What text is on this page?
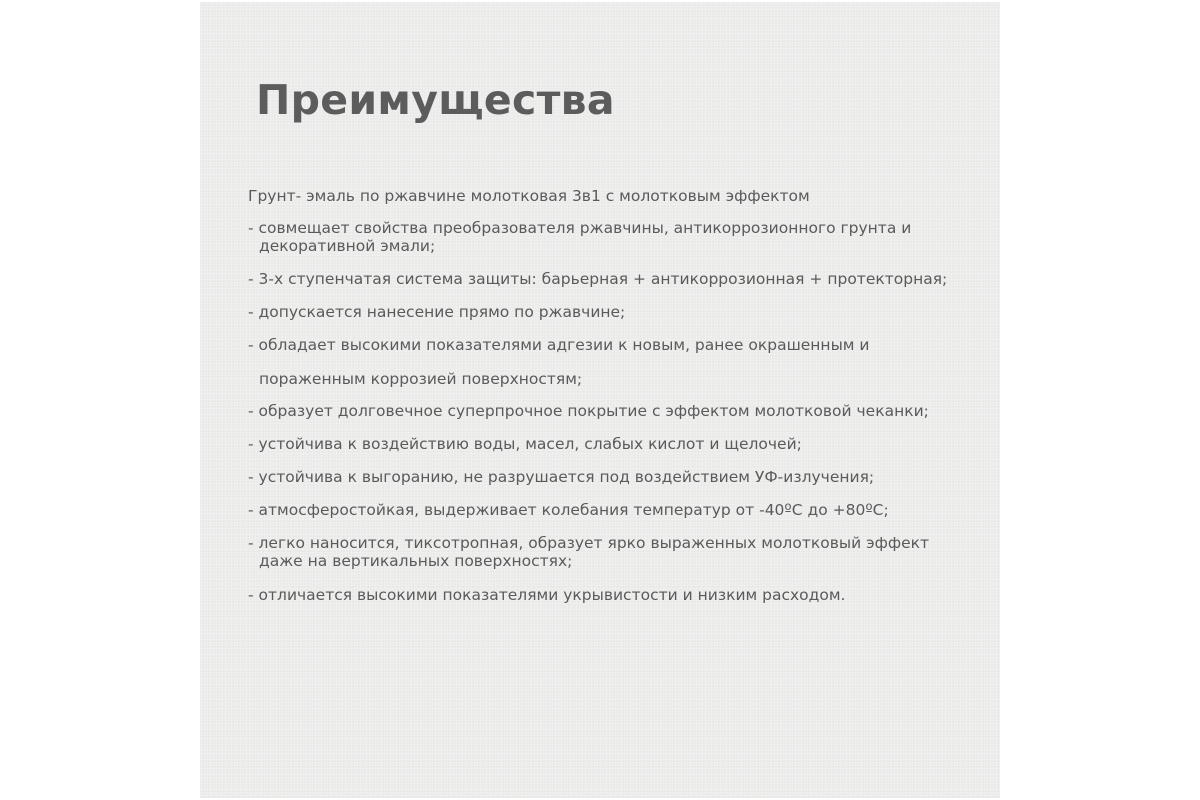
Преимущества

Грунт- эмаль по ржавчине молотковая 3в1 с молотковым эффектом

- совмещает свойства преобразователя ржавчины, антикоррозионного грунта и

декоративной эмали;

- 3-х ступенчатая система защиты: барьерная + антикоррозионная + протекторная;

- допускается нанесение прямо по ржавчине;

- обладает высокими показателями адгезии к новым, ранее окрашенным и

пораженным коррозией поверхностям;

- образует долговечное суперпрочное покрытие с эффектом молотковой чеканки;

- устойчива к воздействию воды, масел, слабых кислот и щелочей;

- устойчива к выгоранию, не разрушается под воздействием УФ-излучения;

- атмосферостойкая, выдерживает колебания температур от -40ºС до +80ºС;

- легко наносится, тиксотропная, образует ярко выраженных молотковый эффект

даже на вертикальных поверхностях;

- отличается высокими показателями укрывистости и низким расходом.
